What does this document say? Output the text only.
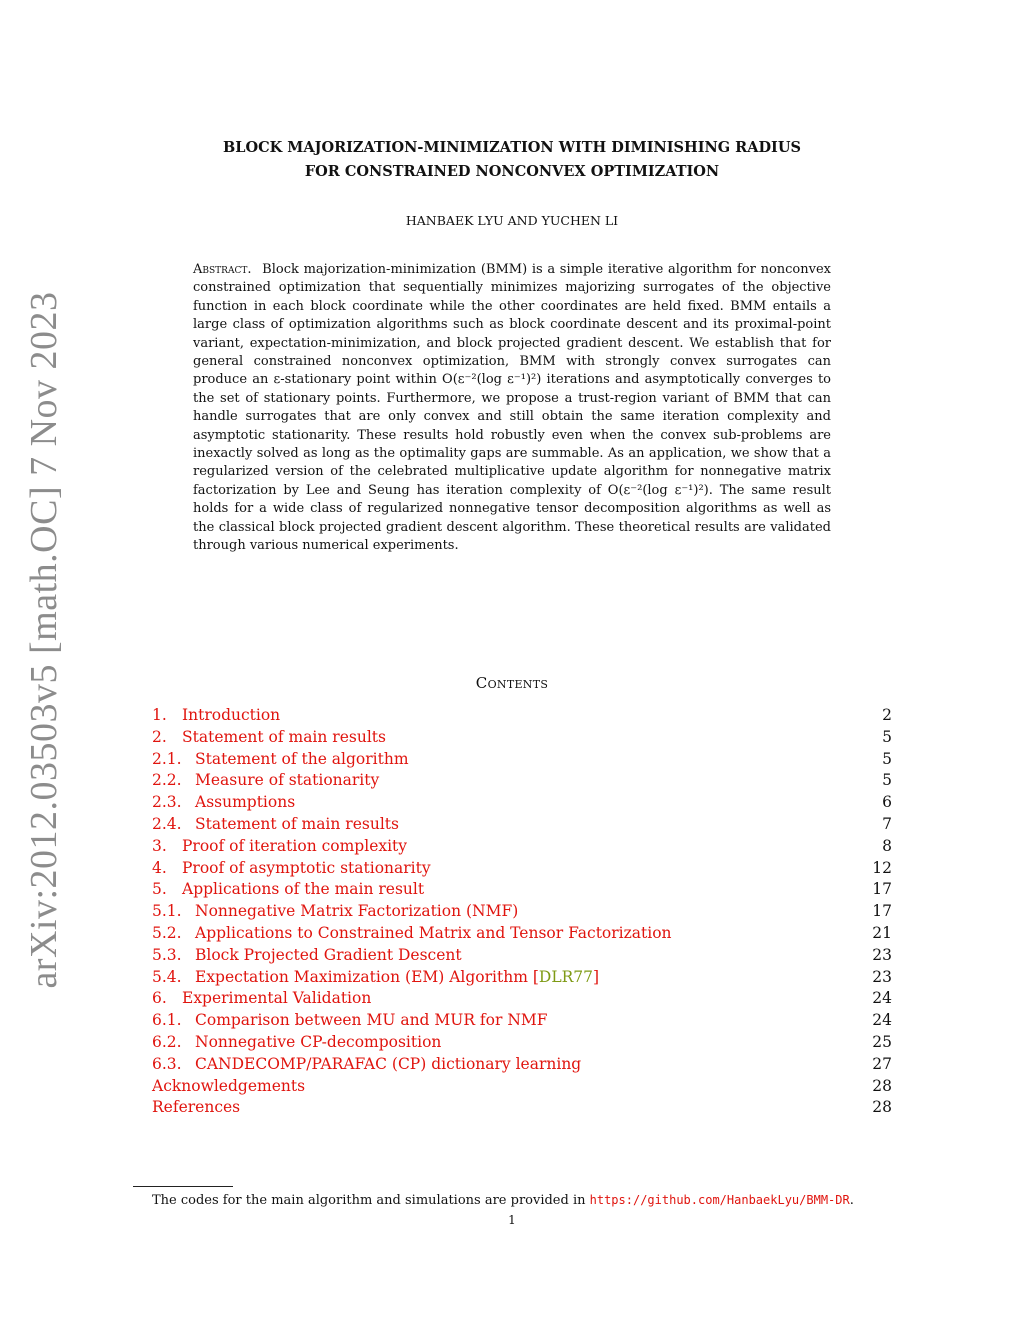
arXiv:2012.03503v5 [math.OC] 7 Nov 2023
BLOCK MAJORIZATION-MINIMIZATION WITH DIMINISHING RADIUS
FOR CONSTRAINED NONCONVEX OPTIMIZATION
HANBAEK LYU AND YUCHEN LI
Abstract. Block majorization-minimization (BMM) is a simple iterative algorithm for nonconvex constrained optimization that sequentially minimizes majorizing surrogates of the objective function in each block coordinate while the other coordinates are held fixed. BMM entails a large class of optimization algorithms such as block coordinate descent and its proximal-point variant, expectation-minimization, and block projected gradient descent. We establish that for general constrained nonconvex optimization, BMM with strongly convex surrogates can produce an ε-stationary point within O(ε⁻²(log ε⁻¹)²) iterations and asymptotically converges to the set of stationary points. Furthermore, we propose a trust-region variant of BMM that can handle surrogates that are only convex and still obtain the same iteration complexity and asymptotic stationarity. These results hold robustly even when the convex sub-problems are inexactly solved as long as the optimality gaps are summable. As an application, we show that a regularized version of the celebrated multiplicative update algorithm for nonnegative matrix factorization by Lee and Seung has iteration complexity of O(ε⁻²(log ε⁻¹)²). The same result holds for a wide class of regularized nonnegative tensor decomposition algorithms as well as the classical block projected gradient descent algorithm. These theoretical results are validated through various numerical experiments.
Contents
1. Introduction	2
2. Statement of main results	5
2.1. Statement of the algorithm	5
2.2. Measure of stationarity	5
2.3. Assumptions	6
2.4. Statement of main results	7
3. Proof of iteration complexity	8
4. Proof of asymptotic stationarity	12
5. Applications of the main result	17
5.1. Nonnegative Matrix Factorization (NMF)	17
5.2. Applications to Constrained Matrix and Tensor Factorization	21
5.3. Block Projected Gradient Descent	23
5.4. Expectation Maximization (EM) Algorithm [DLR77]	23
6. Experimental Validation	24
6.1. Comparison between MU and MUR for NMF	24
6.2. Nonnegative CP-decomposition	25
6.3. CANDECOMP/PARAFAC (CP) dictionary learning	27
Acknowledgements	28
References	28
The codes for the main algorithm and simulations are provided in https://github.com/HanbaekLyu/BMM-DR.
1
